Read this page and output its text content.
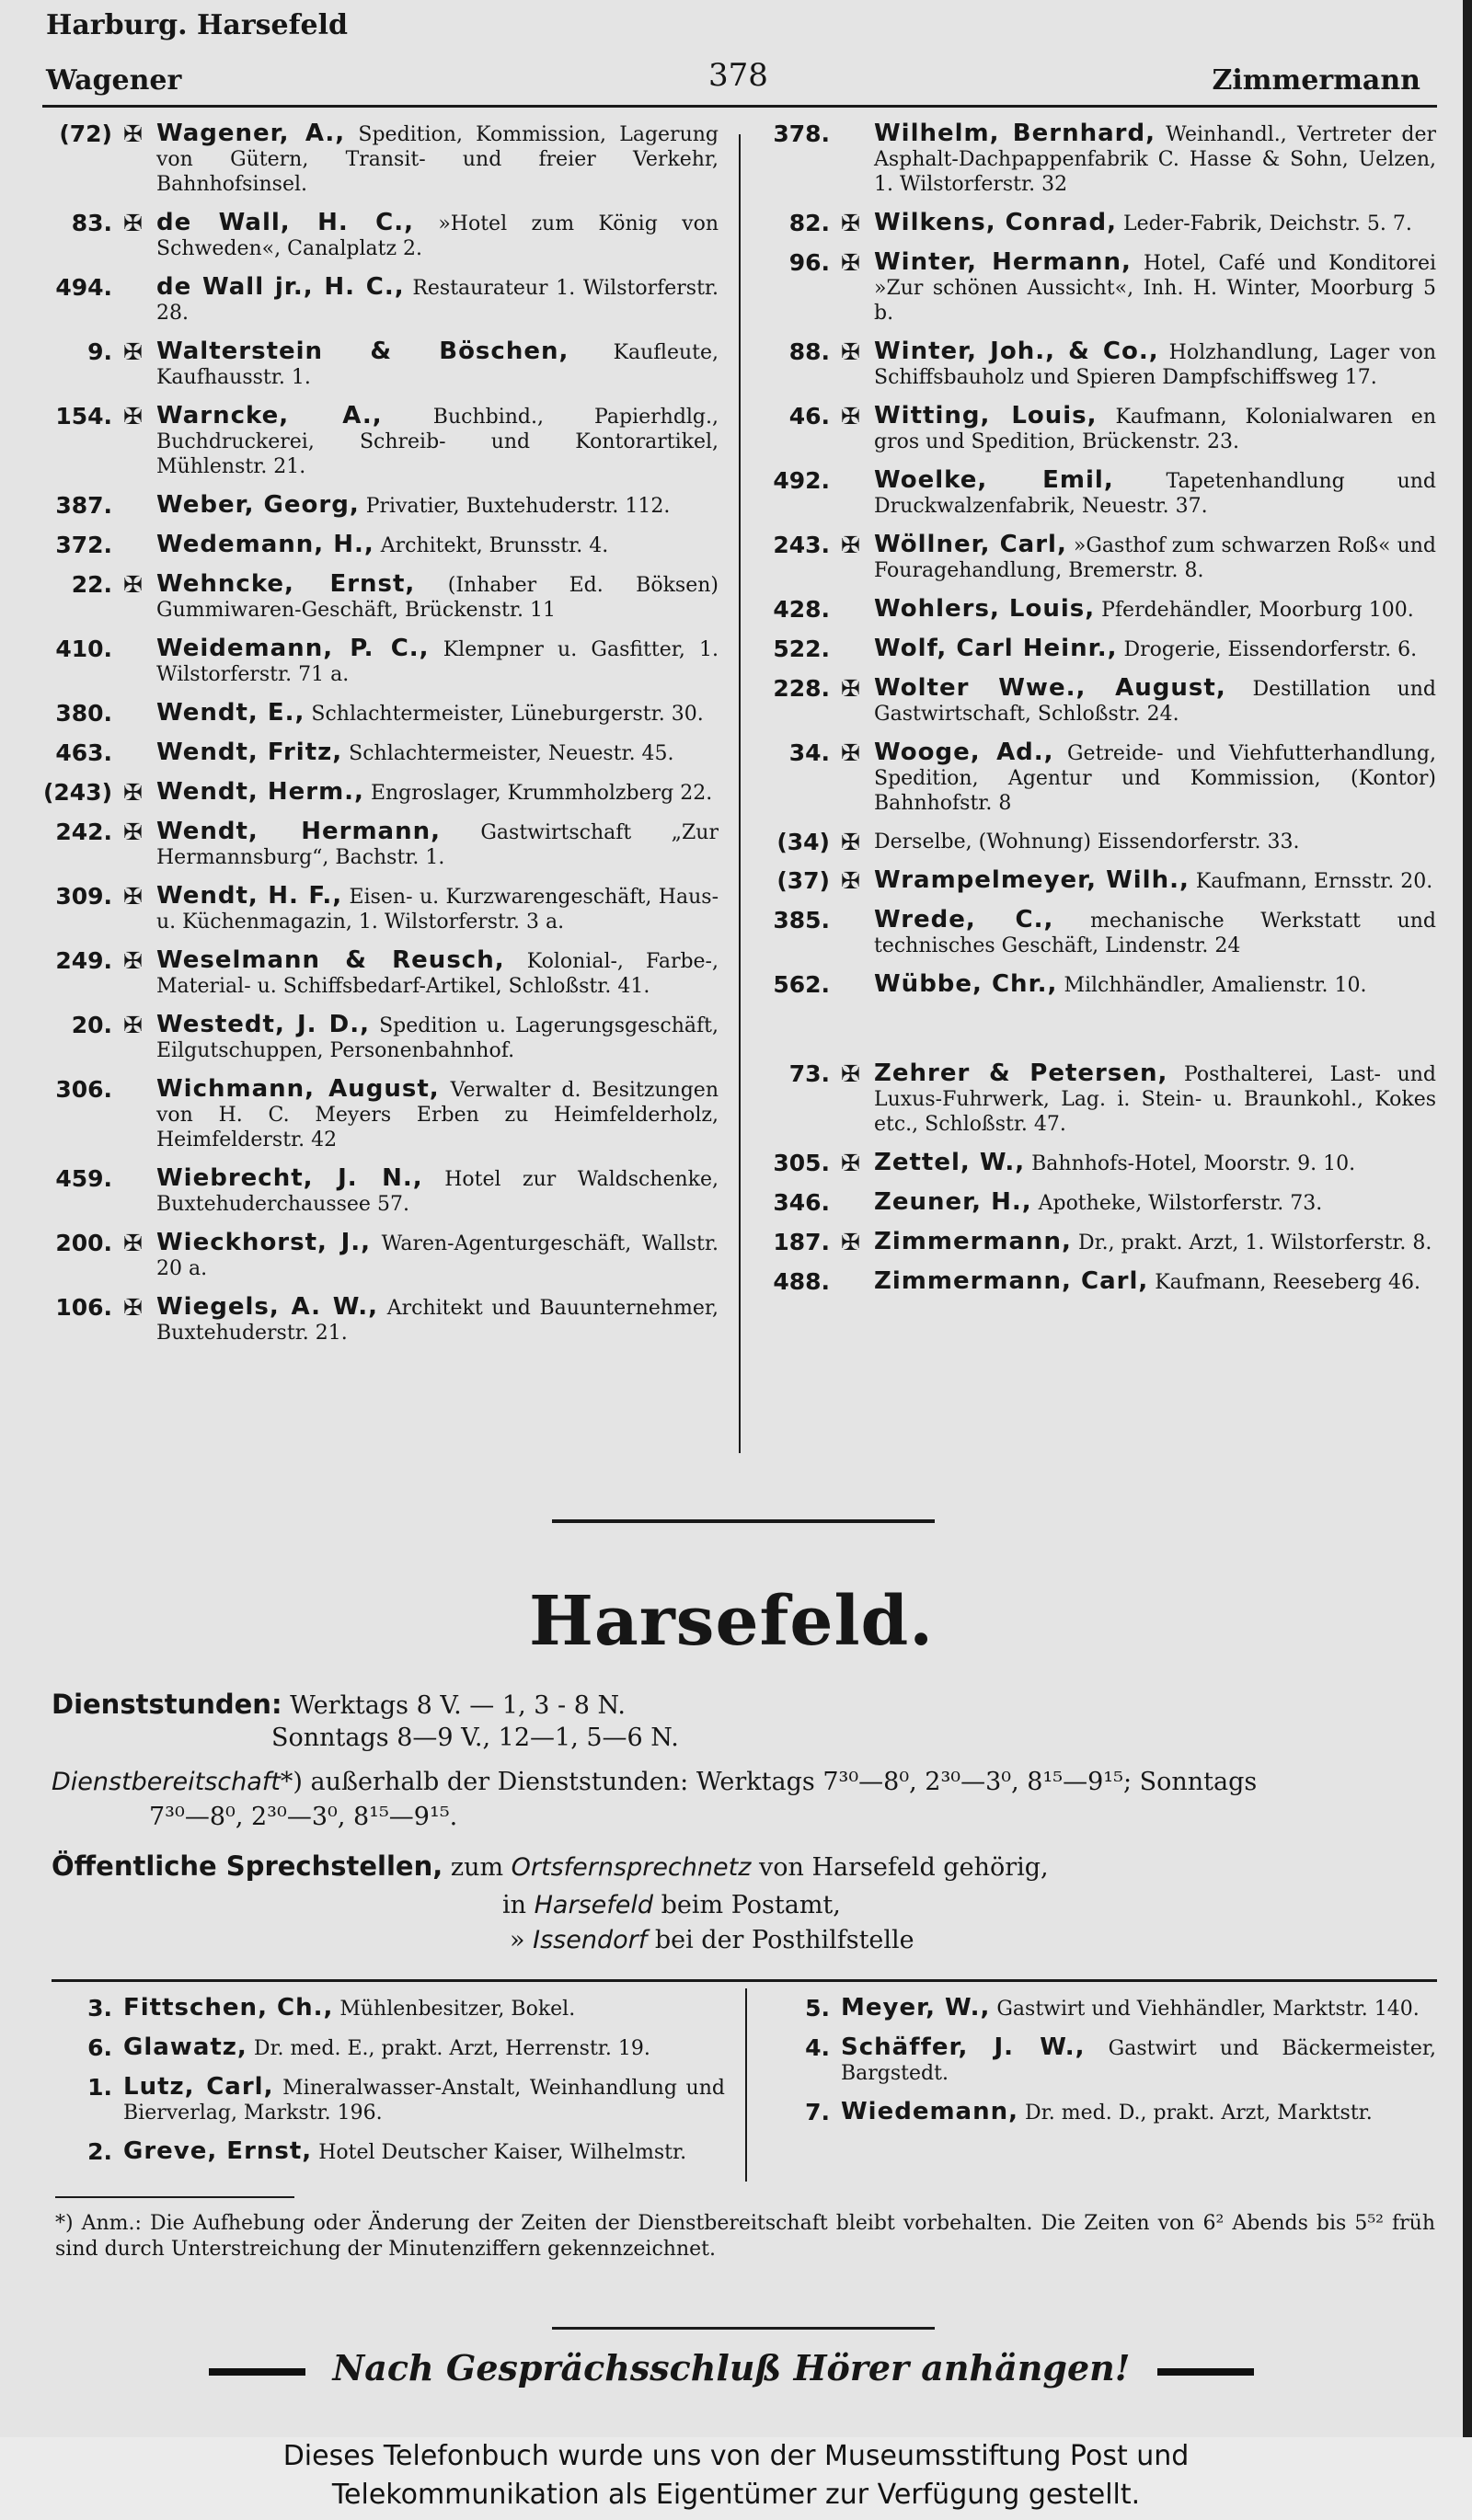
Harburg. Harsefeld
Wagener	378	Zimmermann
(72) ✠ Wagener, A., Spedition, Kommission, Lagerung von Gütern, Transit- und freier Verkehr, Bahnhofsinsel.
83. ✠ de Wall, H. C., »Hotel zum König von Schweden«, Canalplatz 2.
494.	de Wall jr., H. C., Restaurateur 1. Wilstorferstr. 28.
9. ✠ Walterstein & Böschen, Kaufleute, Kaufhausstr. 1.
154. ✠ Warncke, A.,	Buchbind., Papierhdlg., Buchdruckerei, Schreib- und Kontorartikel, Mühlenstr. 21.
387.	Weber, Georg, Privatier, Buxtehuderstr. 112.
372.	Wedemann, H., Architekt, Brunsstr. 4.
22. ✠ Wehncke, Ernst, (Inhaber Ed. Böksen) Gummiwaren-Geschäft, Brückenstr. 11
410.	Weidemann, P. C., Klempner u. Gasfitter, 1. Wilstorferstr. 71 a.
380.	Wendt, E., Schlachtermeister, Lüneburgerstr. 30.
463.	Wendt, Fritz, Schlachtermeister, Neuestr. 45.
(243) ✠ Wendt, Herm., Engroslager, Krummholzberg 22.
242. ✠ Wendt, Hermann, Gastwirtschaft „Zur Hermannsburg“, Bachstr. 1.
309. ✠ Wendt, H. F., Eisen- u. Kurzwarengeschäft, Haus- u. Küchenmagazin, 1. Wilstorferstr. 3 a.
249. ✠ Weselmann & Reusch, Kolonial-, Farbe-, Material- u. Schiffsbedarf-Artikel, Schloßstr. 41.
20. ✠ Westedt, J. D., Spedition u. Lagerungsgeschäft, Eilgutschuppen, Personenbahnhof.
306.	Wichmann, August, Verwalter d. Besitzungen von H. C. Meyers Erben zu Heimfelderholz, Heimfelderstr. 42
459.	Wiebrecht, J. N., Hotel zur Waldschenke, Buxtehuderchaussee 57.
200. ✠ Wieckhorst, J., Waren-Agenturgeschäft, Wallstr. 20 a.
106. ✠ Wiegels, A. W., Architekt und Bauunternehmer, Buxtehuderstr. 21.
378.	Wilhelm, Bernhard, Weinhandl., Vertreter der Asphalt-Dachpappenfabrik C. Hasse & Sohn, Uelzen, 1. Wilstorferstr. 32
82. ✠ Wilkens, Conrad, Leder-Fabrik, Deichstr. 5. 7.
96. ✠ Winter, Hermann, Hotel, Café und Konditorei »Zur schönen Aussicht«, Inh. H. Winter, Moorburg 5 b.
88. ✠ Winter, Joh., & Co., Holzhandlung, Lager von Schiffsbauholz und Spieren Dampfschiffsweg 17.
46. ✠ Witting, Louis, Kaufmann, Kolonialwaren en gros und Spedition, Brückenstr. 23.
492.	Woelke, Emil,	Tapetenhandlung und Druckwalzenfabrik, Neuestr. 37.
243. ✠ Wöllner, Carl, »Gasthof zum schwarzen Roß« und Fouragehandlung, Bremerstr. 8.
428.	Wohlers, Louis, Pferdehändler, Moorburg 100.
522.	Wolf, Carl Heinr., Drogerie, Eissendorferstr. 6.
228. ✠ Wolter Wwe., August, Destillation und Gastwirtschaft, Schloßstr. 24.
34. ✠ Wooge, Ad., Getreide- und Viehfutterhandlung, Spedition, Agentur und Kommission, (Kontor) Bahnhofstr. 8
(34) ✠ Derselbe, (Wohnung) Eissendorferstr. 33.
(37) ✠ Wrampelmeyer, Wilh., Kaufmann, Ernsstr. 20.
385.	Wrede, C., mechanische Werkstatt und technisches Geschäft, Lindenstr. 24
562.	Wübbe, Chr., Milchhändler, Amalienstr. 10.
73. ✠ Zehrer & Petersen, Posthalterei, Last- und Luxus-Fuhrwerk, Lag. i. Stein- u. Braunkohl., Kokes etc., Schloßstr. 47.
305. ✠ Zettel, W., Bahnhofs-Hotel, Moorstr. 9. 10.
346.	Zeuner, H., Apotheke, Wilstorferstr. 73.
187. ✠ Zimmermann, Dr., prakt. Arzt, 1. Wilstorferstr. 8.
488.	Zimmermann, Carl, Kaufmann, Reeseberg 46.
Harsefeld.
Dienststunden: Werktags 8 V. — 1, 3 - 8 N.
Sonntags 8—9 V., 12—1, 5—6 N.
Dienstbereitschaft*) außerhalb der Dienststunden: Werktags 7³⁰—8⁰, 2³⁰—3⁰, 8¹⁵—9¹⁵; Sonntags
7³⁰—8⁰, 2³⁰—3⁰, 8¹⁵—9¹⁵.
Öffentliche Sprechstellen, zum Ortsfernsprechnetz von Harsefeld gehörig,
in Harsefeld beim Postamt,
» Issendorf bei der Posthilfstelle
3. Fittschen, Ch., Mühlenbesitzer, Bokel.
6. Glawatz, Dr. med. E., prakt. Arzt, Herrenstr. 19.
1. Lutz, Carl, Mineralwasser-Anstalt, Weinhandlung und Bierverlag, Markstr. 196.
2. Greve, Ernst, Hotel Deutscher Kaiser, Wilhelmstr.
5. Meyer, W., Gastwirt und Viehhändler, Marktstr. 140.
4. Schäffer, J. W., Gastwirt und Bäckermeister, Bargstedt.
7. Wiedemann, Dr. med. D., prakt. Arzt, Marktstr.
*) Anm.: Die Aufhebung oder Änderung der Zeiten der Dienstbereitschaft bleibt vorbehalten. Die Zeiten von 6² Abends bis 5⁵² früh sind durch Unterstreichung der Minutenziffern gekennzeichnet.
Nach Gesprächsschluß Hörer anhängen!
Dieses Telefonbuch wurde uns von der Museumsstiftung Post und
Telekommunikation als Eigentümer zur Verfügung gestellt.
